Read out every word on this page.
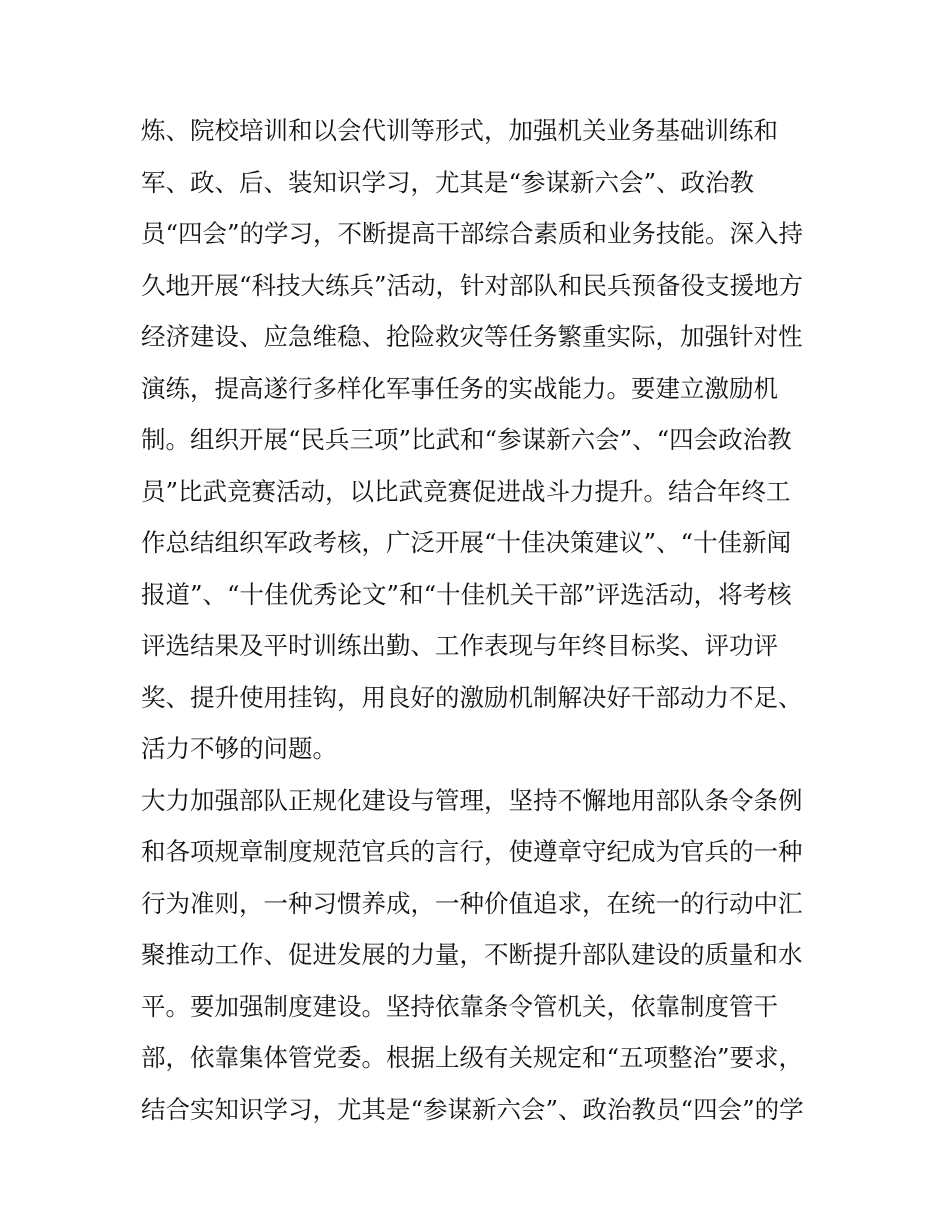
炼、院校培训和以会代训等形式，加强机关业务基础训练和

军、政、后、装知识学习，尤其是“参谋新六会”、政治教

员“四会”的学习，不断提高干部综合素质和业务技能。深入持

久地开展“科技大练兵”活动，针对部队和民兵预备役支援地方

经济建设、应急维稳、抢险救灾等任务繁重实际，加强针对性

演练，提高遂行多样化军事任务的实战能力。要建立激励机

制。组织开展“民兵三项”比武和“参谋新六会”、“四会政治教

员”比武竞赛活动，以比武竞赛促进战斗力提升。结合年终工

作总结组织军政考核，广泛开展“十佳决策建议”、“十佳新闻

报道”、“十佳优秀论文”和“十佳机关干部”评选活动，将考核

评选结果及平时训练出勤、工作表现与年终目标奖、评功评

奖、提升使用挂钩，用良好的激励机制解决好干部动力不足、

活力不够的问题。

大力加强部队正规化建设与管理，坚持不懈地用部队条令条例

和各项规章制度规范官兵的言行，使遵章守纪成为官兵的一种

行为准则，一种习惯养成，一种价值追求，在统一的行动中汇

聚推动工作、促进发展的力量，不断提升部队建设的质量和水

平。要加强制度建设。坚持依靠条令管机关，依靠制度管干

部，依靠集体管党委。根据上级有关规定和“五项整治”要求，

结合实知识学习，尤其是“参谋新六会”、政治教员“四会”的学
